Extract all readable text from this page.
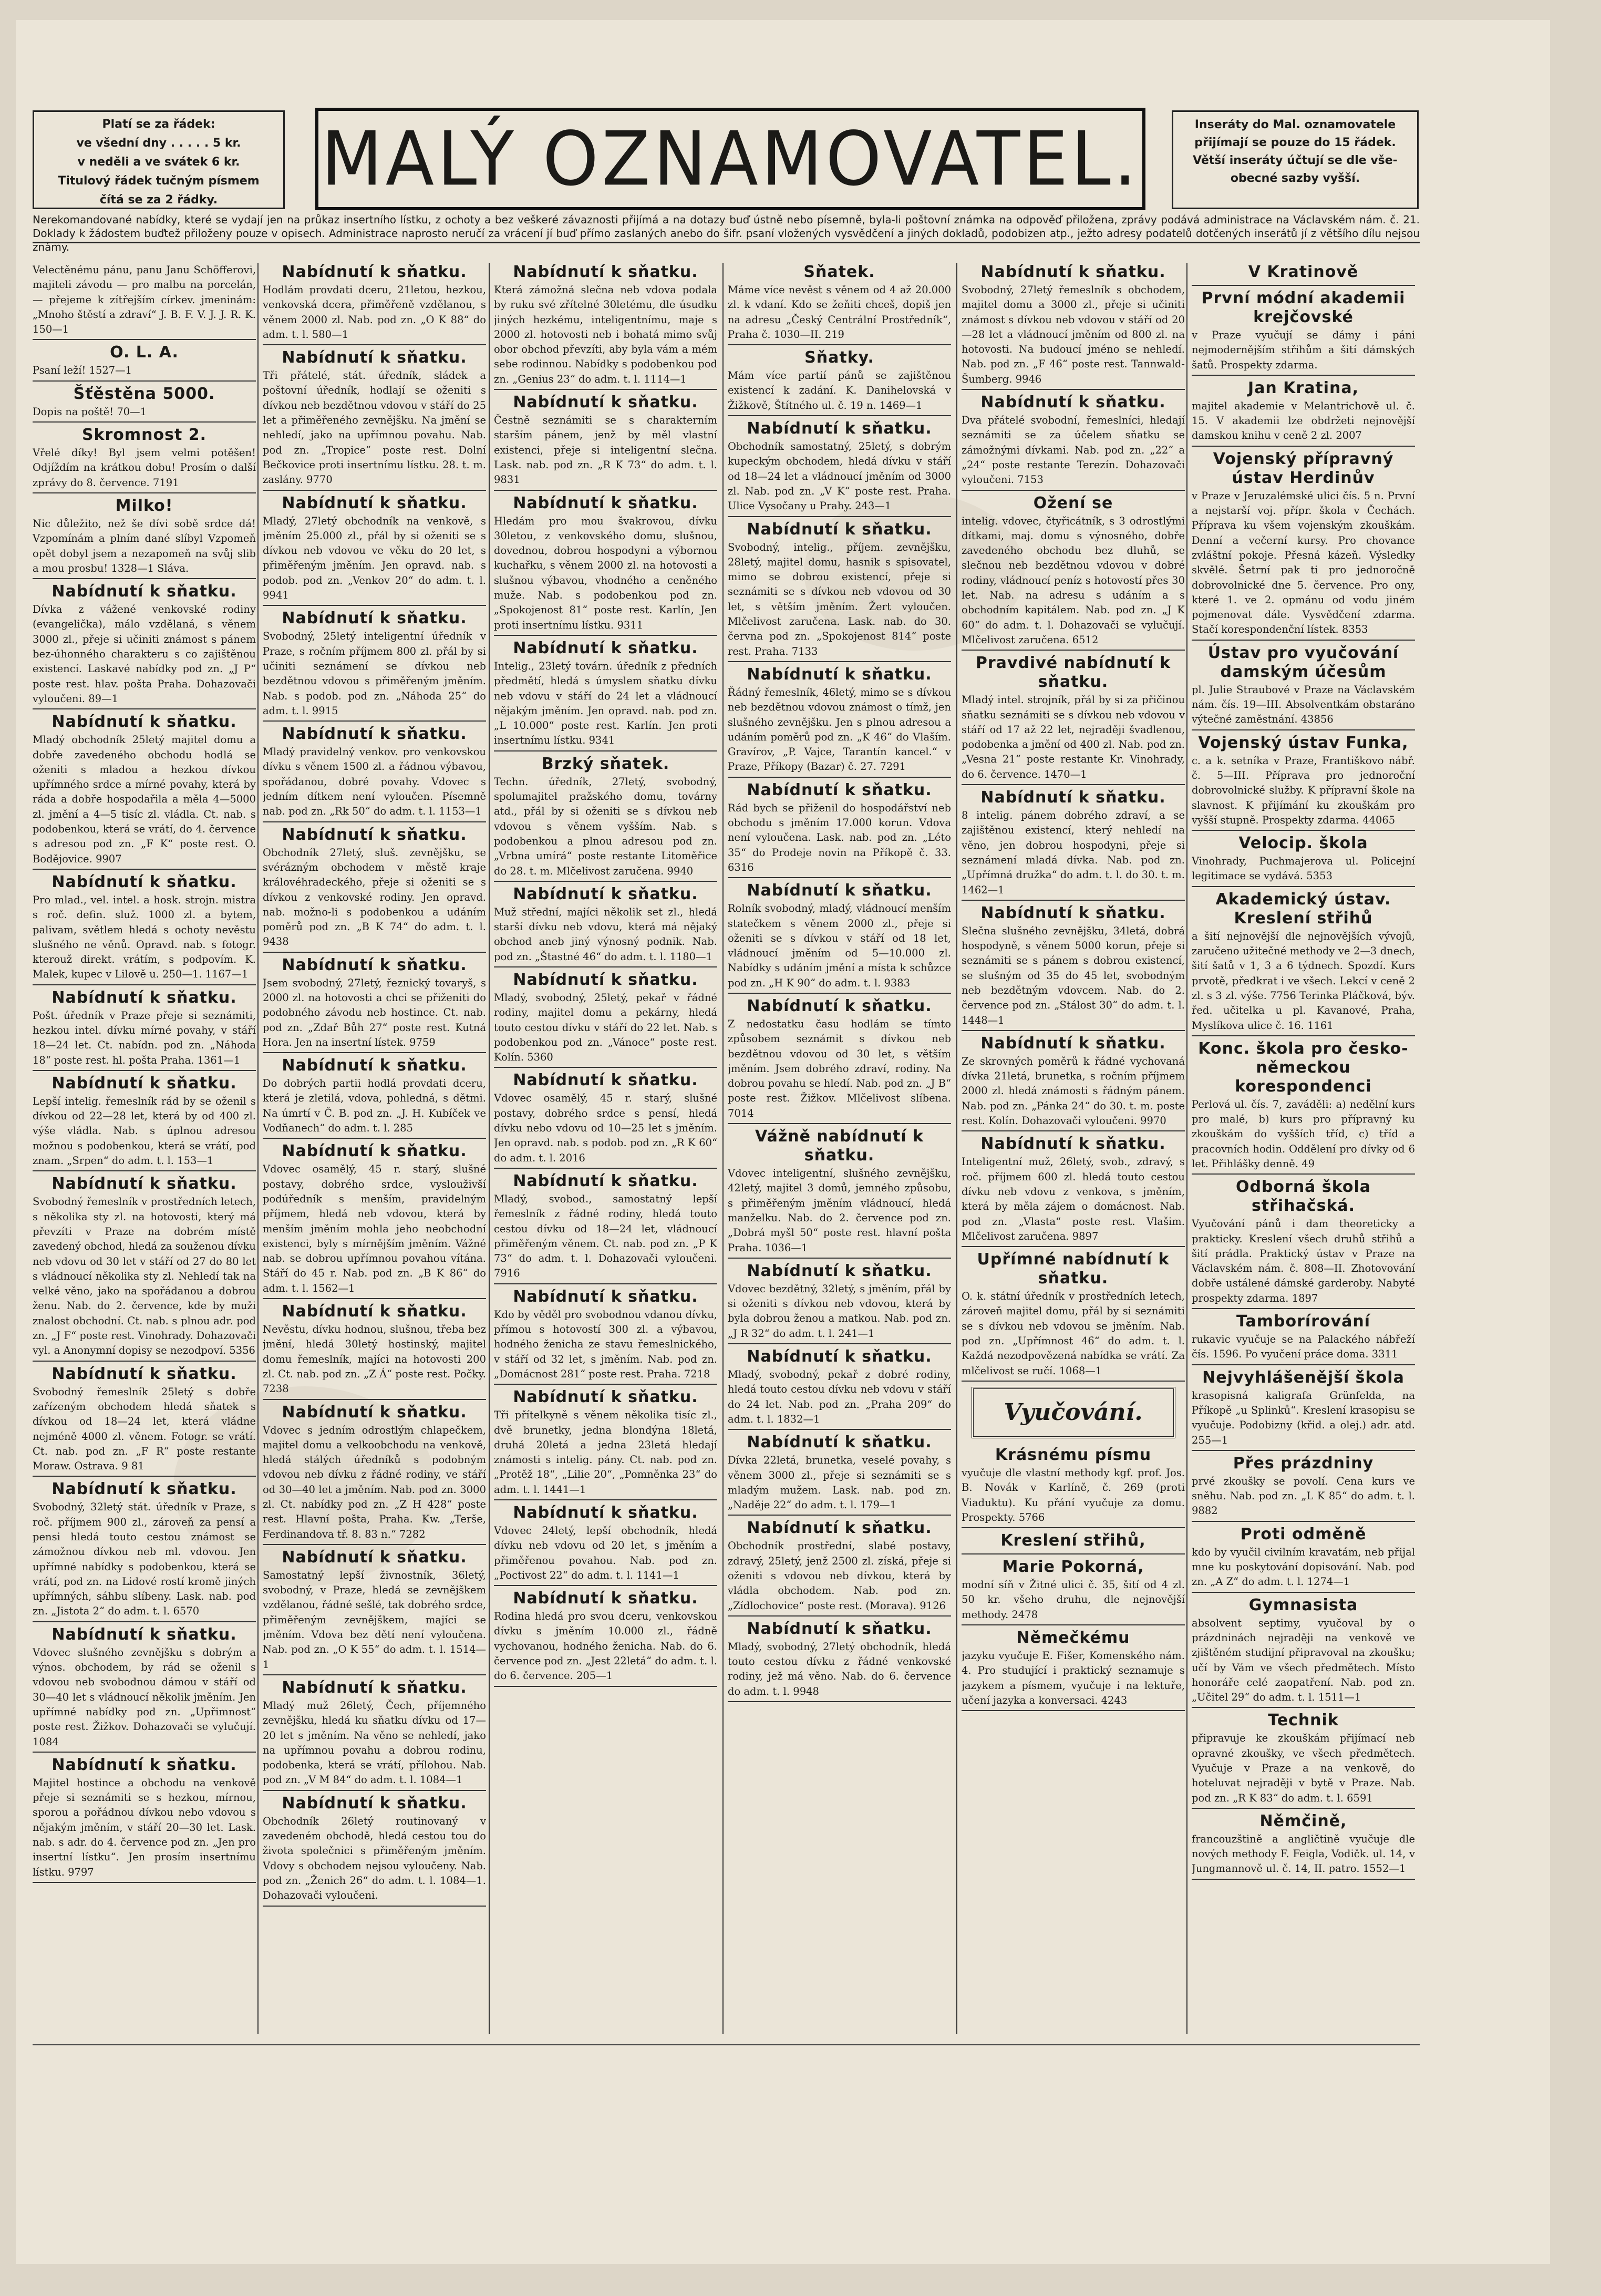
Platí se za řádek:
ve všední dny . . . . . 5 kr.
v neděli a ve svátek 6 kr.
Titulový řádek tučným písmem
čítá se za 2 řádky.	MALÝ OZNAMOVATEL.	Inseráty do Mal. oznamovatele
přijímají se pouze do 15 řádek.
Větší inseráty účtují se dle vše-
obecné sazby vyšší.
Nerekomandované nabídky, které se vydají jen na průkaz insertního lístku, z ochoty a bez veškeré závaznosti přijímá a na dotazy buď ústně nebo písemně, byla-li poštovní známka na odpověď přiložena, zprávy podává administrace na Václavském nám. č. 21. Doklady k žádostem buďtež přiloženy pouze v opisech. Administrace naprosto neručí za vrácení jí buď přímo zaslaných anebo do šifr. psaní vložených vysvědčení a jiných dokladů, podobizen atp., ježto adresy podatelů dotčených inserátů jí z většího dílu nejsou známy.

Velectěnému pánu, panu Janu Schöfferovi, majiteli závodu — pro malbu na porcelán, — přejeme k zítřejším církev. jmeninám: „Mnoho štěstí a zdraví“ J. B. F. V. J. J. R. K. 150—1

O. L. A.

Psaní leží! 1527—1

Šťěstěna 5000.

Dopis na poště! 70—1

Skromnost 2.

Vřelé díky! Byl jsem velmi potěšen! Odjíždím na krátkou dobu! Prosím o další zprávy do 8. července. 7191

Milko!

Nic důležito, než še dívi sobě srdce dá! Vzpomínám a plním dané slíbyl Vzpomeň opět dobyl jsem a nezapomeň na svůj slib a mou prosbu! 1328—1 Slávа.

Nabídnutí k sňatku.

Dívka z vážené venkovské rodiny (evangelička), málo vzdělaná, s věnem 3000 zl., přeje si učiniti známost s pánem bez-úhonného charakteru s co zajištěnou existencí. Laskavé nabídky pod zn. „J P“ poste rest. hlav. pošta Praha. Dohazovači vyloučeni. 89—1

Nabídnutí k sňatku.

Mladý obchodník 25letý majitel domu a dobře zavedeného obchodu hodlá se oženiti s mladou a hezkou dívkou upřímného srdce a mírné povahy, která by ráda a dobře hospodařila a měla 4—5000 zl. jmění a 4—5 tisíc zl. vládla. Ct. nab. s podobenkou, která se vrátí, do 4. července s adresou pod zn. „F K“ poste rest. O. Bodějovice. 9907

Nabídnutí k sňatku.

Pro mlad., vel. intel. a hosk. strojn. mistra s roč. defin. služ. 1000 zl. a bytem, palivam, světlem hledá s ochoty nevěstu slušného ne věnů. Opravd. nab. s fotogr. kterouž direkt. vrátím, s podpovím. K. Malek, kupec v Lilově u. 250—1. 1167—1

Nabídnutí k sňatku.

Pošt. úředník v Praze přeje si seznámiti, hezkou intel. dívku mírné povahy, v stáří 18—24 let. Ct. nabídn. pod zn. „Náhoda 18“ poste rest. hl. pošta Praha. 1361—1

Nabídnutí k sňatku.

Lepší intelig. řemeslník rád by se oženil s dívkou od 22—28 let, která by od 400 zl. výše vládla. Nab. s úplnou adresou možnou s podobenkou, která se vrátí, pod znam. „Srpen“ do adm. t. l. 153—1

Nabídnutí k sňatku.

Svobodný řemeslník v prostředních letech, s několika sty zl. na hotovosti, který má převzíti v Praze na dobrém místě zavedený obchod, hledá za souženou dívku neb vdovu od 30 let v stáří od 27 do 80 let s vládnoucí několika sty zl. Nehledí tak na velké věno, jako na spořádanou a dobrou ženu. Nab. do 2. července, kde by muži znalost obchodní. Ct. nab. s plnou adr. pod zn. „J F“ poste rest. Vinohrady. Dohazovači vyl. a Anonymní dopisy se nezodpoví. 5356

Nabídnutí k sňatku.

Svobodný řemeslník 25letý s dobře zařízeným obchodem hledá sňatek s dívkou od 18—24 let, která vládne nejméně 4000 zl. věnem. Fotogr. se vrátí. Ct. nab. pod zn. „F R“ poste restante Moraw. Ostrava. 9 81

Nabídnutí k sňatku.

Svobodný, 32letý stát. úředník v Praze, s roč. příjmem 900 zl., zároveň za pensí a pensi hledá touto cestou známost se zámožnou dívkou neb ml. vdovou. Jen upřímné nabídky s podobenkou, která se vrátí, pod zn. na Lidové rostí kromě jiných upřímných, sáhbu slíbeny. Lask. nab. pod zn. „Jistota 2“ do adm. t. l. 6570

Nabídnutí k sňatku.

Vdovec slušného zevnějšku s dobrým a výnos. obchodem, by rád se oženil s vdovou neb svobodnou dámou v stáří od 30—40 let s vládnoucí několik jměním. Jen upřímné nabídky pod zn. „Upřimnost“ poste rest. Žižkov. Dohazovači se vylučují. 1084

Nabídnutí k sňatku.

Majitel hostince a obchodu na venkově přeje si seznámiti se s hezkou, mírnou, sporou a pořádnou dívkou nebo vdovou s nějakým jměním, v stáří 20—30 let. Lask. nab. s adr. do 4. července pod zn. „Jen pro insertní lístku“. Jen prosím insertnímu lístku. 9797

Nabídnutí k sňatku.

Hodlám provdati dceru, 21letou, hezkou, venkovská dcera, přiměřeně vzdělanou, s věnem 2000 zl. Nab. pod zn. „O K 88“ do adm. t. l. 580—1

Nabídnutí k sňatku.

Tři přátelé, stát. úředník, sládek a poštovní úředník, hodlají se oženiti s dívkou neb bezdětnou vdovou v stáří do 25 let a přiměřeného zevnějšku. Na jmění se nehledí, jako na upřímnou povahu. Nab. pod zn. „Tropice“ poste rest. Dolní Bečkovice proti insertnímu lístku. 28. t. m. zaslány. 9770

Nabídnutí k sňatku.

Mladý, 27letý obchodník na venkově, s jměním 25.000 zl., přál by si oženiti se s dívkou neb vdovou ve věku do 20 let, s přiměřeným jměním. Jen opravd. nab. s podob. pod zn. „Venkov 20“ do adm. t. l. 9941

Nabídnutí k sňatku.

Svobodný, 25letý inteligentní úředník v Praze, s ročním příjmem 800 zl. přál by si učiniti seznámení se dívkou neb bezdětnou vdovou s přiměřeným jměním. Nab. s podob. pod zn. „Náhoda 25“ do adm. t. l. 9915

Nabídnutí k sňatku.

Mladý pravidelný venkov. pro venkovskou dívku s věnem 1500 zl. a řádnou výbavou, spořádanou, dobré povahy. Vdovec s jedním dítkem není vyloučen. Písemně nab. pod zn. „Rk 50“ do adm. t. l. 1153—1

Nabídnutí k sňatku.

Obchodník 27letý, sluš. zevnějšku, se svérázným obchodem v městě kraje královéhradeckého, přeje si oženiti se s dívkou z venkovské rodiny. Jen opravd. nab. možno-li s podobenkou a udáním poměrů pod zn. „B K 74“ do adm. t. l. 9438

Nabídnutí k sňatku.

Jsem svobodný, 27letý, řeznický tovaryš, s 2000 zl. na hotovosti a chci se přiženiti do podobného závodu neb hostince. Ct. nab. pod zn. „Zdař Bůh 27“ poste rest. Kutná Hora. Jen na insertní lístek. 9759

Nabídnutí k sňatku.

Do dobrých partii hodlá provdati dceru, která je zletilá, vdova, pohledná, s dětmi. Na úmrtí v Č. B. pod zn. „J. H. Kubíček ve Vodňanech“ do adm. t. l. 285

Nabídnutí k sňatku.

Vdovec osamělý, 45 r. starý, slušné postavy, dobrého srdce, vyslouživší podúředník s menším, pravidelným příjmem, hledá neb vdovou, která by menším jměním mohla jeho neobchodní existenci, byly s mírnějším jměním. Vážné nab. se dobrou upřímnou povahou vítána. Stáří do 45 r. Nab. pod zn. „B K 86“ do adm. t. l. 1562—1

Nabídnutí k sňatku.

Nevěstu, dívku hodnou, slušnou, třeba bez jmění, hledá 30letý hostinský, majitel domu řemeslník, majíci na hotovosti 200 zl. Ct. nab. pod zn. „Z Á“ poste rest. Počky. 7238

Nabídnutí k sňatku.

Vdovec s jedním odrostlým chlapečkem, majitel domu a velkoobchodu na venkově, hledá stálých úředníků s podobným vdovou neb dívku z řádné rodiny, ve stáří od 30—40 let a jměním. Nab. pod zn. 3000 zl. Ct. nabídky pod zn. „Z H 428“ poste rest. Hlavní pošta, Praha. Kw. „Terše, Ferdinandova tř. 8. 83 n.“ 7282

Nabídnutí k sňatku.

Samostatný lepší živnostník, 36letý, svobodný, v Praze, hledá se zevnějškem vzdělanou, řádné sešlé, tak dobrého srdce, přiměřeným zevnějškem, majíci se jměním. Vdova bez dětí není vyloučena. Nab. pod zn. „O K 55“ do adm. t. l. 1514—1

Nabídnutí k sňatku.

Mladý muž 26letý, Čech, příjemného zevnějšku, hledá ku sňatku dívku od 17—20 let s jměním. Na věno se nehledí, jako na upřímnou povahu a dobrou rodinu, podobenka, která se vrátí, přílohou. Nab. pod zn. „V M 84“ do adm. t. l. 1084—1

Nabídnutí k sňatku.

Obchodník 26letý routinovaný v zavedeném obchodě, hledá cestou tou do života společnici s přiměřeným jměním. Vdovy s obchodem nejsou vyloučeny. Nab. pod zn. „Ženich 26“ do adm. t. l. 1084—1. Dohazovači vyloučeni.

Nabídnutí k sňatku.

Která zámožná slečna neb vdova podala by ruku své zřítelné 30letému, dle úsudku jiných hezkému, inteligentnímu, maje s 2000 zl. hotovosti neb i bohatá mimo svůj obor obchod převzíti, aby byla vám a mém sebe rodinnou. Nabídky s podobenkou pod zn. „Genius 23“ do adm. t. l. 1114—1

Nabídnutí k sňatku.

Čestně seznámiti se s charakterním starším pánem, jenž by měl vlastní existenci, přeje si inteligentní slečna. Lask. nab. pod zn. „R K 73“ do adm. t. l. 9831

Nabídnutí k sňatku.

Hledám pro mou švakrovou, dívku 30letou, z venkovského domu, slušnou, dovednou, dobrou hospodyni a výbornou kuchařku, s věnem 2000 zl. na hotovosti a slušnou výbavou, vhodného a ceněného muže. Nab. s podobenkou pod zn. „Spokojenost 81“ poste rest. Karlín, Jen proti insertnímu lístku. 9311

Nabídnutí k sňatku.

Intelig., 23letý továrn. úředník z předních předmětí, hledá s úmyslem sňatku dívku neb vdovu v stáří do 24 let a vládnoucí nějakým jměním. Jen opravd. nab. pod zn. „L 10.000“ poste rest. Karlín. Jen proti insertnímu lístku. 9341

Brzký sňatek.

Techn. úředník, 27letý, svobodný, spolumajitel pražského domu, továrny atd., přál by si oženiti se s dívkou neb vdovou s věnem vyšším. Nab. s podobenkou a plnou adresou pod zn. „Vrbna umírá“ poste restante Litoměřice do 28. t. m. Mlčelivost zaručena. 9940

Nabídnutí k sňatku.

Muž střední, majíci několik set zl., hledá starší dívku neb vdovu, která má nějaký obchod aneb jiný výnosný podnik. Nab. pod zn. „Štastné 46“ do adm. t. l. 1180—1

Nabídnutí k sňatku.

Mladý, svobodný, 25letý, pekař v řádné rodiny, majitel domu a pekárny, hledá touto cestou dívku v stáří do 22 let. Nab. s podobenkou pod zn. „Vánoce“ poste rest. Kolín. 5360

Nabídnutí k sňatku.

Vdovec osamělý, 45 r. starý, slušné postavy, dobrého srdce s pensí, hledá dívku nebo vdovu od 10—25 let s jměním. Jen opravd. nab. s podob. pod zn. „R K 60“ do adm. t. l. 2016

Nabídnutí k sňatku.

Mladý, svobod., samostatný lepší řemeslník z řádné rodiny, hledá touto cestou dívku od 18—24 let, vládnoucí přiměřeným věnem. Ct. nab. pod zn. „P K 73“ do adm. t. l. Dohazovači vyloučeni. 7916

Nabídnutí k sňatku.

Kdo by věděl pro svobodnou vdanou dívku, přímou s hotovostí 300 zl. a výbavou, hodného ženicha ze stavu řemeslnického, v stáří od 32 let, s jměním. Nab. pod zn. „Domácnost 281“ poste rest. Praha. 7218

Nabídnutí k sňatku.

Tři přítelkyně s věnem několika tisíc zl., dvě brunetky, jedna blondýna 18letá, druhá 20letá a jedna 23letá hledají známosti s intelig. pány. Ct. nab. pod zn. „Protěž 18“, „Lilie 20“, „Pomněnka 23“ do adm. t. l. 1441—1

Nabídnutí k sňatku.

Vdovec 24letý, lepší obchodník, hledá dívku neb vdovu od 20 let, s jměním a přiměřenou povahou. Nab. pod zn. „Poctivost 22“ do adm. t. l. 1141—1

Nabídnutí k sňatku.

Rodina hledá pro svou dceru, venkovskou dívku s jměním 10.000 zl., řádně vychovanou, hodného ženicha. Nab. do 6. července pod zn. „Jest 22letá“ do adm. t. l. do 6. července. 205—1

Sňatek.

Máme více nevěst s věnem od 4 až 20.000 zl. k vdaní. Kdo se žeňiti chceš, dopiš jen na adresu „Český Centrální Prostředník“, Praha č. 1030—II. 219

Sňatky.

Mám více partií pánů se zajištěnou existencí k zadání. K. Danihelovská v Žižkově, Štítného ul. č. 19 n. 1469—1

Nabídnutí k sňatku.

Obchodník samostatný, 25letý, s dobrým kupeckým obchodem, hledá dívku v stáří od 18—24 let a vládnoucí jměním od 3000 zl. Nab. pod zn. „V K“ poste rest. Praha. Ulice Vysočany u Prahy. 243—1

Nabídnutí k sňatku.

Svobodný, intelig., příjem. zevnějšku, 28letý, majitel domu, hasnik s spisovatel, mimo se dobrou existencí, přeje si seznámiti se s dívkou neb vdovou od 30 let, s větším jměním. Žert vyloučen. Mlčelivost zaručena. Lask. nab. do 30. června pod zn. „Spokojenost 814“ poste rest. Praha. 7133

Nabídnutí k sňatku.

Řádný řemeslník, 46letý, mimo se s dívkou neb bezdětnou vdovou známost o tímž, jen slušného zevnějšku. Jen s plnou adresou a udáním poměrů pod zn. „K 46“ do Vlaším. Gravírov, „P. Vajce, Tarantín kancel.“ v Praze, Příkopy (Bazar) č. 27. 7291

Nabídnutí k sňatku.

Rád bych se přiženil do hospodářství neb obchodu s jměním 17.000 korun. Vdova není vyloučena. Lask. nab. pod zn. „Léto 35“ do Prodeje novin na Příkopě č. 33. 6316

Nabídnutí k sňatku.

Rolník svobodný, mladý, vládnoucí menším statečkem s věnem 2000 zl., přeje si oženiti se s dívkou v stáří od 18 let, vládnoucí jměním od 5—10.000 zl. Nabídky s udáním jmění a místa k schůzce pod zn. „H K 90“ do adm. t. l. 9383

Nabídnutí k sňatku.

Z nedostatku času hodlám se tímto způsobem seznámit s dívkou neb bezdětnou vdovou od 30 let, s větším jměním. Jsem dobrého zdraví, rodiny. Na dobrou povahu se hledí. Nab. pod zn. „J B“ poste rest. Žižkov. Mlčelivost slíbena. 7014

Vážně nabídnutí k sňatku.

Vdovec inteligentní, slušného zevnějšku, 42letý, majitel 3 domů, jemného způsobu, s přiměřeným jměním vládnoucí, hledá manželku. Nab. do 2. července pod zn. „Dobrá myšl 50“ poste rest. hlavní pošta Praha. 1036—1

Nabídnutí k sňatku.

Vdovec bezdětný, 32letý, s jměním, přál by si oženiti s dívkou neb vdovou, která by byla dobrou ženou a matkou. Nab. pod zn. „J R 32“ do adm. t. l. 241—1

Nabídnutí k sňatku.

Mladý, svobodný, pekař z dobré rodiny, hledá touto cestou dívku neb vdovu v stáří do 24 let. Nab. pod zn. „Praha 209“ do adm. t. l. 1832—1

Nabídnutí k sňatku.

Dívka 22letá, brunetka, veselé povahy, s věnem 3000 zl., přeje si seznámiti se s mladým mužem. Lask. nab. pod zn. „Naděje 22“ do adm. t. l. 179—1

Nabídnutí k sňatku.

Obchodník prostřední, slabé postavy, zdravý, 25letý, jenž 2500 zl. získá, přeje si oženiti s vdovou neb dívkou, která by vládla obchodem. Nab. pod zn. „Zídlochovice“ poste rest. (Morava). 9126

Nabídnutí k sňatku.

Mladý, svobodný, 27letý obchodník, hledá touto cestou dívku z řádné venkovské rodiny, jež má věno. Nab. do 6. července do adm. t. l. 9948

Nabídnutí k sňatku.

Svobodný, 27letý řemeslník s obchodem, majitel domu a 3000 zl., přeje si učiniti známost s dívkou neb vdovou v stáří od 20—28 let a vládnoucí jměním od 800 zl. na hotovosti. Na budoucí jméno se nehledí. Nab. pod zn. „F 46“ poste rest. Tannwald-Šumberg. 9946

Nabídnutí k sňatku.

Dva přátelé svobodní, řemeslníci, hledají seznámiti se za účelem sňatku se zámožnými dívkami. Nab. pod zn. „22“ a „24“ poste restante Terezín. Dohazovači vyloučeni. 7153

Ožení se

intelig. vdovec, čtyřicátník, s 3 odrostlými dítkami, maj. domu s výnosného, dobře zavedeného obchodu bez dluhů, se slečnou neb bezdětnou vdovou v dobré rodiny, vládnoucí peníz s hotovostí přes 30 let. Nab. na adresu s udáním a s obchodním kapitálem. Nab. pod zn. „J K 60“ do adm. t. l. Dohazovači se vylučují. Mlčelivost zaručena. 6512

Pravdivé nabídnutí k sňatku.

Mladý intel. strojník, přál by si za přičinou sňatku seznámiti se s dívkou neb vdovou v stáří od 17 až 22 let, nejraději švadlenou, podobenka a jmění od 400 zl. Nab. pod zn. „Vesna 21“ poste restante Kr. Vinohrady, do 6. července. 1470—1

Nabídnutí k sňatku.

8 intelig. pánem dobrého zdraví, a se zajištěnou existencí, který nehledí na věno, jen dobrou hospodyni, přeje si seznámení mladá dívka. Nab. pod zn. „Upřímná družka“ do adm. t. l. do 30. t. m. 1462—1

Nabídnutí k sňatku.

Slečna slušného zevnějšku, 34letá, dobrá hospodyně, s věnem 5000 korun, přeje si seznámiti se s pánem s dobrou existencí, se slušným od 35 do 45 let, svobodným neb bezdětným vdovcem. Nab. do 2. července pod zn. „Stálost 30“ do adm. t. l. 1448—1

Nabídnutí k sňatku.

Ze skrovných poměrů k řádné vychovaná dívka 21letá, brunetka, s ročním příjmem 2000 zl. hledá známosti s řádným pánem. Nab. pod zn. „Pánka 24“ do 30. t. m. poste rest. Kolín. Dohazovači vyloučeni. 9970

Nabídnutí k sňatku.

Inteligentní muž, 26letý, svob., zdravý, s roč. příjmem 600 zl. hledá touto cestou dívku neb vdovu z venkova, s jměním, která by měla zájem o domácnost. Nab. pod zn. „Vlasta“ poste rest. Vlašim. Mlčelivost zaručena. 9897

Upřímné nabídnutí k sňatku.

O. k. státní úředník v prostředních letech, zároveň majitel domu, přál by si seznámiti se s dívkou neb vdovou se jměním. Nab. pod zn. „Upřímnost 46“ do adm. t. l. Každá nezodpovězená nabídka se vrátí. Za mlčelivost se ručí. 1068—1

Vyučování.
Krásnému písmu

vyučuje dle vlastní methody kgf. prof. Jos. B. Novák v Karlíně, č. 269 (proti Viaduktu). Ku přání vyučuje za domu. Prospekty. 5766

Kreslení střihů,
Marie Pokorná,

modní síň v Žitné ulici č. 35, šití od 4 zl. 50 kr. všeho druhu, dle nejnovější methody. 2478

Němečkému

jazyku vyučuje E. Fišer, Komenského nám. 4. Pro studující i praktický seznamuje s jazykem a písmem, vyučuje i na lektuře, učení jazyka a konversaci. 4243

V Kratinově
První módní akademii krejčovské

v Praze vyučují se dámy i páni nejmodernějším střihům a šití dámských šatů. Prospekty zdarma.

Jan Kratina,

majitel akademie v Melantrichově ul. č. 15. V akademii lze obdržeti nejnovější damskou knihu v ceně 2 zl. 2007

Vojenský přípravný ústav Herdinův

v Praze v Jeruzalémské ulici čís. 5 n. První a nejstarší voj. přípr. škola v Čechách. Příprava ku všem vojenským zkouškám. Denní a večerní kursy. Pro chovance zvláštní pokoje. Přesná kázeň. Výsledky skvělé. Šetrní pak ti pro jednoročně dobrovolnické dne 5. července. Pro ony, které 1. ve 2. opmánu od vodu jiném pojmenovat dále. Vysvědčení zdarma. Stačí korespondenční lístek. 8353

Ústav pro vyučování damským účesům

pl. Julie Straubové v Praze na Václavském nám. čís. 19—III. Absolventkám obstaráno výtečné zaměstnání. 43856

Vojenský ústav Funka,

c. a k. setníka v Praze, Františkovo nábř. č. 5—III. Příprava pro jednoroční dobrovolnické služby. K přípravní škole na slavnost. K přijímání ku zkouškám pro vyšší stupně. Prospekty zdarma. 44065

Velocip. škola

Vinohrady, Puchmajerova ul. Policejní legitimace se vydává. 5353

Akademický ústav. Kreslení střihů

a šití nejnovější dle nejnovějších vývojů, zaručeno užitečné methody ve 2—3 dnech, šití šatů v 1, 3 a 6 týdnech. Spozdí. Kurs prvotě, předkrat i ve všech. Lekcí v ceně 2 zl. s 3 zl. výše. 7756 Terinka Pláčková, býv. řed. učitelka u pl. Kavanové, Praha, Myslíkova ulice č. 16. 1161

Konc. škola pro česko-německou korespondenci

Perlová ul. čís. 7, zaváděli: a) nedělní kurs pro malé, b) kurs pro přípravný ku zkouškám do vyšších tříd, c) tříd a pracovních hodin. Oddělení pro dívky od 6 let. Přihlášky denně. 49

Odborná škola střihačská.

Vyučování pánů i dam theoreticky a prakticky. Kreslení všech druhů střihů a šití prádla. Praktický ústav v Praze na Václavském nám. č. 808—II. Zhotovování dobře ustálené dámské garderoby. Nabyté prospekty zdarma. 1897

Tamborírování

rukavic vyučuje se na Palackého nábřeží čís. 1596. Po vyučení práce doma. 3311

Nejvyhlášenější škola

krasopisná kaligrafa Grünfelda, na Příkopě „u Splinků“. Kreslení krasopisu se vyučuje. Podobizny (křid. a olej.) adr. atd. 255—1

Přes prázdniny

prvé zkoušky se povolí. Cena kurs ve sněhu. Nab. pod zn. „L K 85“ do adm. t. l. 9882

Proti odměně

kdo by vyučil civilním kravatám, neb přijal mne ku poskytování dopisování. Nab. pod zn. „A Z“ do adm. t. l. 1274—1

Gymnasista

absolvent septimy, vyučoval by o prázdninách nejraději na venkově ve zjištěném studijní připravoval na zkoušku; učí by Vám ve všech předmětech. Místo honoráře celé zaopatření. Nab. pod zn. „Učitel 29“ do adm. t. l. 1511—1

Technik

připravuje ke zkouškám přijímací neb opravné zkoušky, ve všech předmětech. Vyučuje v Praze a na venkově, do hoteluvat nejraději v bytě v Praze. Nab. pod zn. „R K 83“ do adm. t. l. 6591

Němčině,

francouzštině a angličtině vyučuje dle nových methody F. Feigla, Vodičk. ul. 14, v Jungmannově ul. č. 14, II. patro. 1552—1
